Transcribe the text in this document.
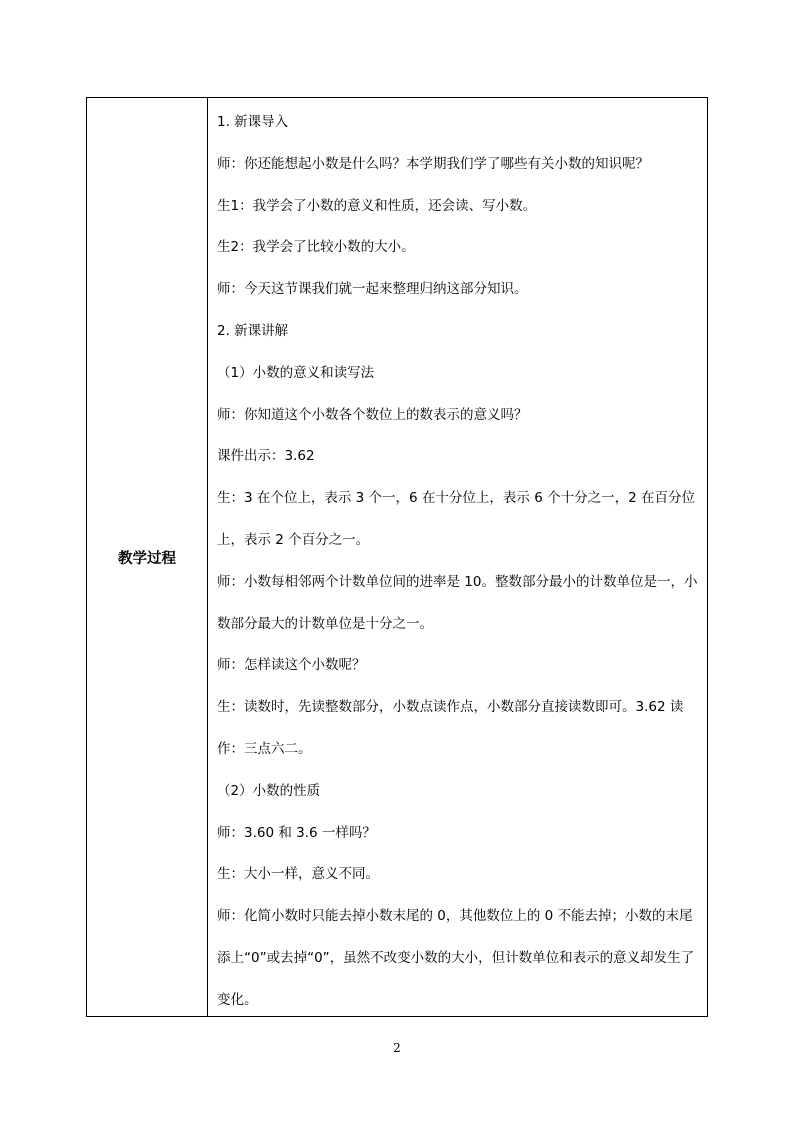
教学过程

1. 新课导入

师：你还能想起小数是什么吗？本学期我们学了哪些有关小数的知识呢？

生1：我学会了小数的意义和性质，还会读、写小数。

生2：我学会了比较小数的大小。

师：今天这节课我们就一起来整理归纳这部分知识。

2. 新课讲解

（1）小数的意义和读写法

师：你知道这个小数各个数位上的数表示的意义吗？

课件出示：3.62

生：3 在个位上，表示 3 个一，6 在十分位上，表示 6 个十分之一，2 在百分位上，表示 2 个百分之一。

师：小数每相邻两个计数单位间的进率是 10。整数部分最小的计数单位是一，小数部分最大的计数单位是十分之一。

师：怎样读这个小数呢？

生：读数时，先读整数部分，小数点读作点，小数部分直接读数即可。3.62 读作：三点六二。

（2）小数的性质

师：3.60 和 3.6 一样吗？

生：大小一样，意义不同。

师：化简小数时只能去掉小数末尾的 0，其他数位上的 0 不能去掉；小数的末尾添上“0”或去掉“0”，虽然不改变小数的大小，但计数单位和表示的意义却发生了变化。

2
